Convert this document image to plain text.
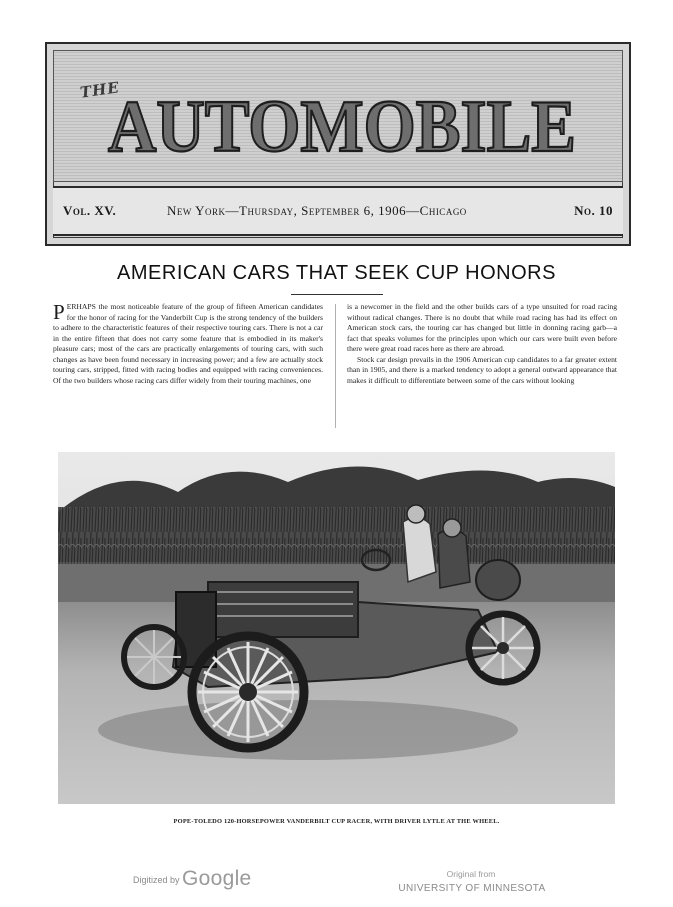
THE
AUTOMOBILE
Vol. XV.	New York—Thursday, September 6, 1906—Chicago	No. 10
AMERICAN CARS THAT SEEK CUP HONORS

PERHAPS the most noticeable feature of the group of fifteen American candidates for the honor of racing for the Vanderbilt Cup is the strong tendency of the builders to adhere to the characteristic features of their respective touring cars. There is not a car in the entire fifteen that does not carry some feature that is embodied in its maker's pleasure cars; most of the cars are practically enlargements of touring cars, with such changes as have been found necessary in increasing power; and a few are actually stock touring cars, stripped, fitted with racing bodies and equipped with racing conveniences. Of the two builders whose racing cars differ widely from their touring machines, one

is a newcomer in the field and the other builds cars of a type unsuited for road racing without radical changes. There is no doubt that while road racing has had its effect on American stock cars, the touring car has changed but little in donning racing garb—a fact that speaks volumes for the principles upon which our cars were built even before there were great road races here as there are abroad.

Stock car design prevails in the 1906 American cup candidates to a far greater extent than in 1905, and there is a marked tendency to adopt a general outward appearance that makes it difficult to differentiate between some of the cars without looking

POPE-TOLEDO 120-HORSEPOWER VANDERBILT CUP RACER, WITH DRIVER LYTLE AT THE WHEEL.
Digitized by Google	Original from
UNIVERSITY OF MINNESOTA
